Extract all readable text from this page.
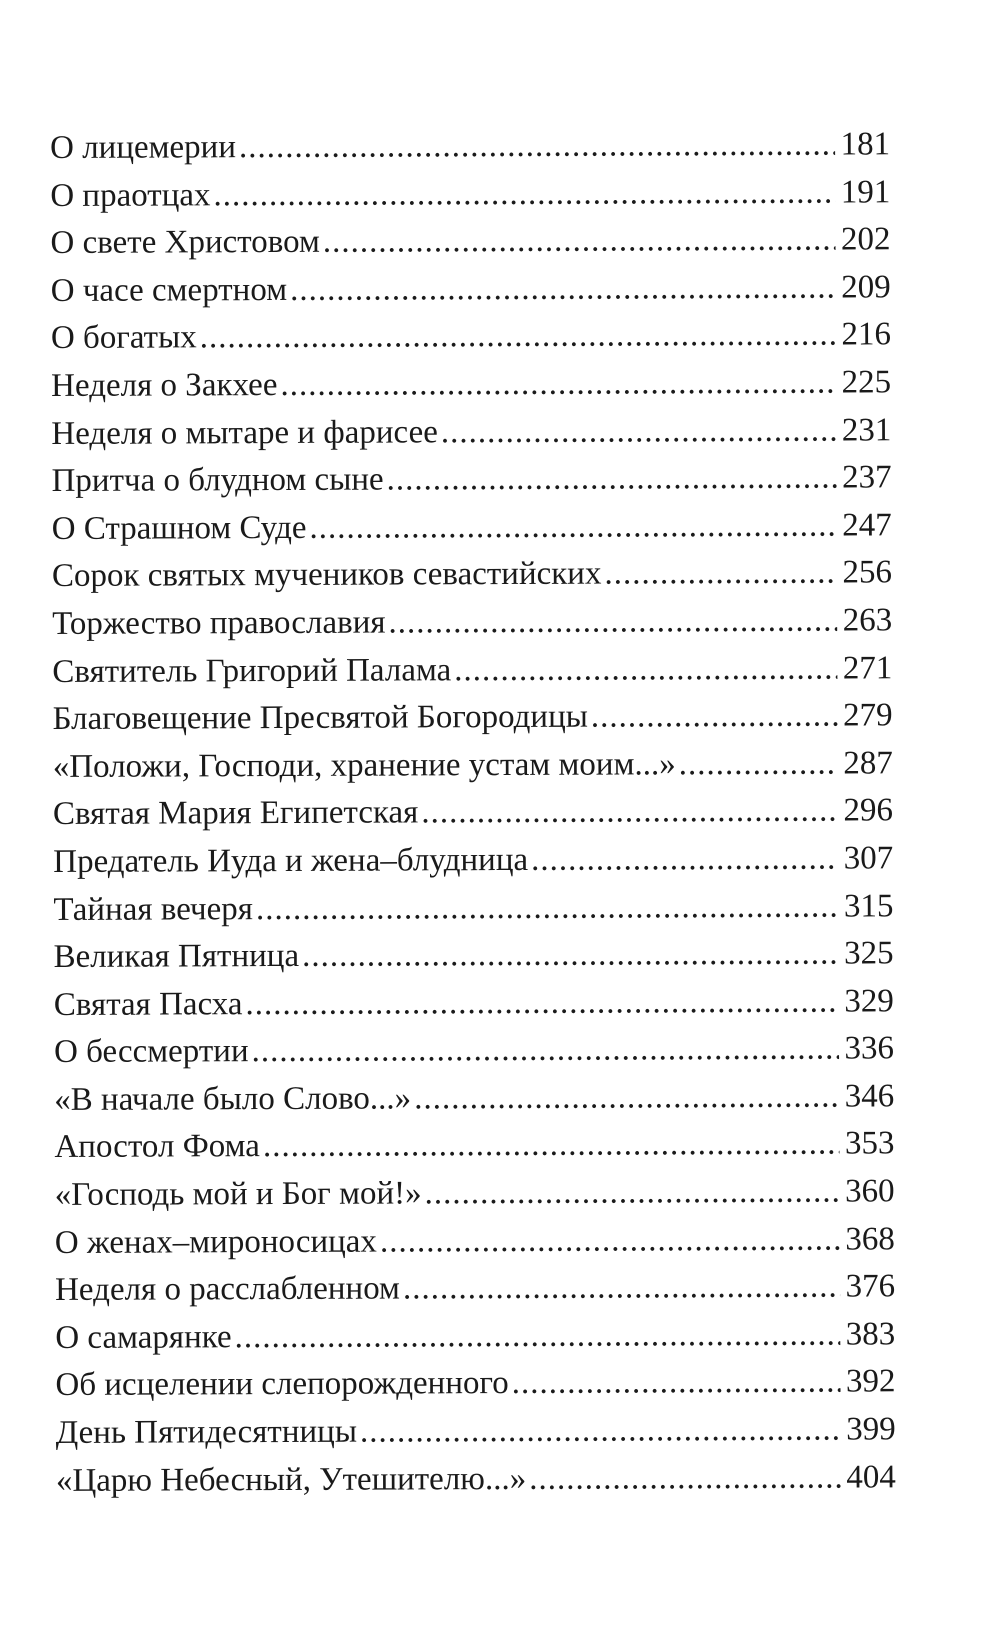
О лицемерии .....	181
О праотцах .....	191
О свете Христовом .....	202
О часе смертном .....	209
О богатых .....	216
Неделя о Закхее .....	225
Неделя о мытаре и фарисее .....	231
Притча о блудном сыне .....	237
О Страшном Суде .....	247
Сорок святых мучеников севастийских .....	256
Торжество православия .....	263
Святитель Григорий Палама .....	271
Благовещение Пресвятой Богородицы .....	279
«Положи, Господи, хранение устам моим...» .....	287
Святая Мария Египетская .....	296
Предатель Иуда и жена–блудница .....	307
Тайная вечеря .....	315
Великая Пятница .....	325
Святая Пасха .....	329
О бессмертии .....	336
«В начале было Слово...» .....	346
Апостол Фома .....	353
«Господь мой и Бог мой!» .....	360
О женах–мироносицах .....	368
Неделя о расслабленном .....	376
О самарянке .....	383
Об исцелении слепорожденного .....	392
День Пятидесятницы .....	399
«Царю Небесный, Утешителю...» .....	404
